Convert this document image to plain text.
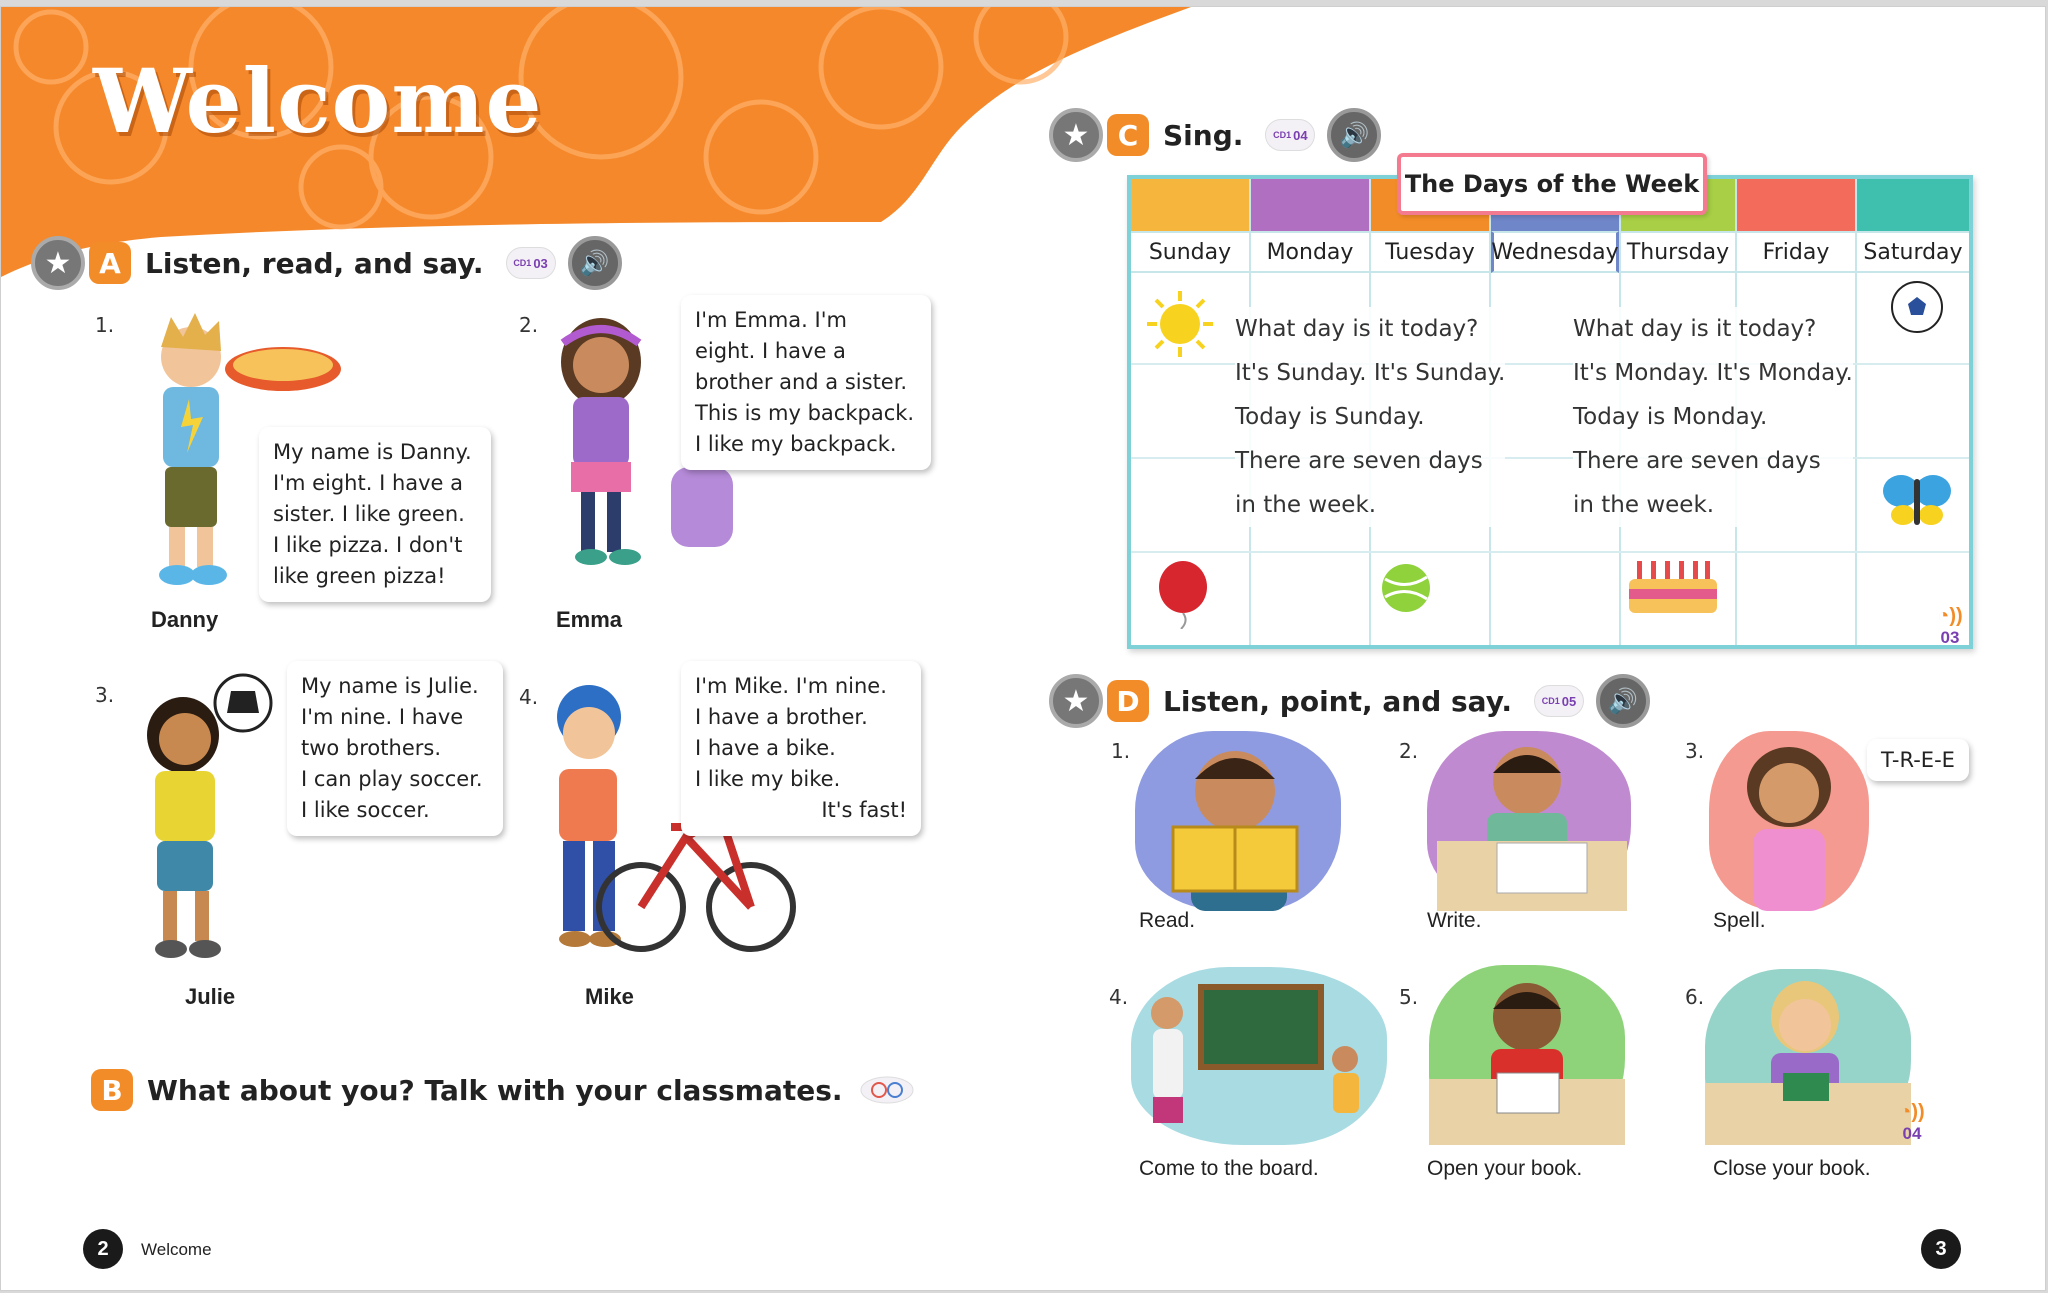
Welcome
★ A Listen, read, and say.	CD1 03	🔊
1.
My name is Danny.
I'm eight. I have a
sister. I like green.
I like pizza. I don't
like green pizza!
Danny
2.	I'm Emma. I'm
eight. I have a
brother and a sister.
This is my backpack.
I like my backpack.
Emma
3.	My name is Julie.
I'm nine. I have
two brothers.
I can play soccer.
I like soccer.
Julie
4.	I'm Mike. I'm nine.
I have a brother.
I have a bike.
I like my bike.
It's fast!
Mike
B What about you? Talk with your classmates.
★	C Sing.	CD1 04	🔊
Sunday	Monday	Tuesday Wednesday Thursday	Friday	Saturday
The Days of the Week
What day is it today?
It's Sunday. It's Sunday.
Today is Sunday.
There are seven days
in the week.
What day is it today?
It's Monday. It's Monday.
Today is Monday.
There are seven days
in the week.
◔))
03
★ D Listen, point, and say.	CD1 05	🔊
1.
Read.
2.
Write.
3.	T-R-E-E
Spell.
4.
Come to the board.
5.
Open your book.
6.
Close your book.
◔))
04
2	Welcome	3
